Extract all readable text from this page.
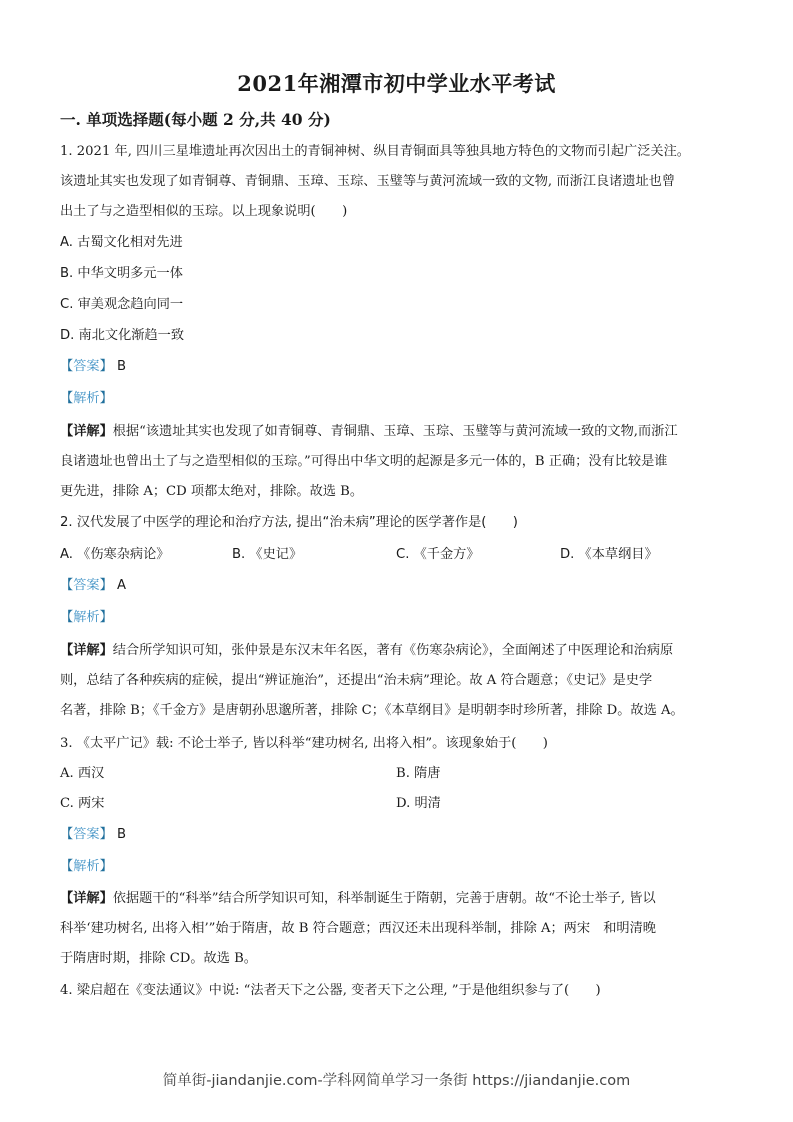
2021年湘潭市初中学业水平考试
一. 单项选择题(每小题 2 分,共 40 分)
1. 2021 年, 四川三星堆遗址再次因出土的青铜神树、纵目青铜面具等独具地方特色的文物而引起广泛关注。
该遗址其实也发现了如青铜尊、青铜鼎、玉璋、玉琮、玉璧等与黄河流域一致的文物, 而浙江良诸遗址也曾
出土了与之造型相似的玉琮。以上现象说明(　　)
A. 古蜀文化相对先进
B. 中华文明多元一体
C. 审美观念趋向同一
D. 南北文化渐趋一致
【答案】 B
【解析】
【详解】根据“该遗址其实也发现了如青铜尊、青铜鼎、玉璋、玉琮、玉璧等与黄河流域一致的文物,而浙江
良诸遗址也曾出土了与之造型相似的玉琮。”可得出中华文明的起源是多元一体的，B 正确；没有比较是谁
更先进，排除 A；CD 项都太绝对，排除。故选 B。
2. 汉代发展了中医学的理论和治疗方法, 提出“治未病”理论的医学著作是(　　)
A. 《伤寒杂病论》	B. 《史记》	C. 《千金方》	D. 《本草纲目》
【答案】 A
【解析】
【详解】结合所学知识可知，张仲景是东汉末年名医，著有《伤寒杂病论》，全面阐述了中医理论和治病原
则，总结了各种疾病的症候，提出“辨证施治”，还提出“治未病”理论。故 A 符合题意；《史记》是史学
名著，排除 B；《千金方》是唐朝孙思邈所著，排除 C；《本草纲目》是明朝李时珍所著，排除 D。故选 A。
3. 《太平广记》载: 不论士举子, 皆以科举“建功树名, 出将入相”。该现象始于(　　)
A. 西汉	B. 隋唐
C. 两宋	D. 明清
【答案】 B
【解析】
【详解】依据题干的“科举”结合所学知识可知，科举制诞生于隋朝，完善于唐朝。故“不论士举子, 皆以
科举‘建功树名, 出将入相’”始于隋唐，故 B 符合题意；西汉还未出现科举制，排除 A；两宋　和明清晚
于隋唐时期，排除 CD。故选 B。
4. 梁启超在《变法通议》中说: “法者天下之公器, 变者天下之公理, ”于是他组织参与了(　　)
简单街-jiandanjie.com-学科网简单学习一条街 https://jiandanjie.com
